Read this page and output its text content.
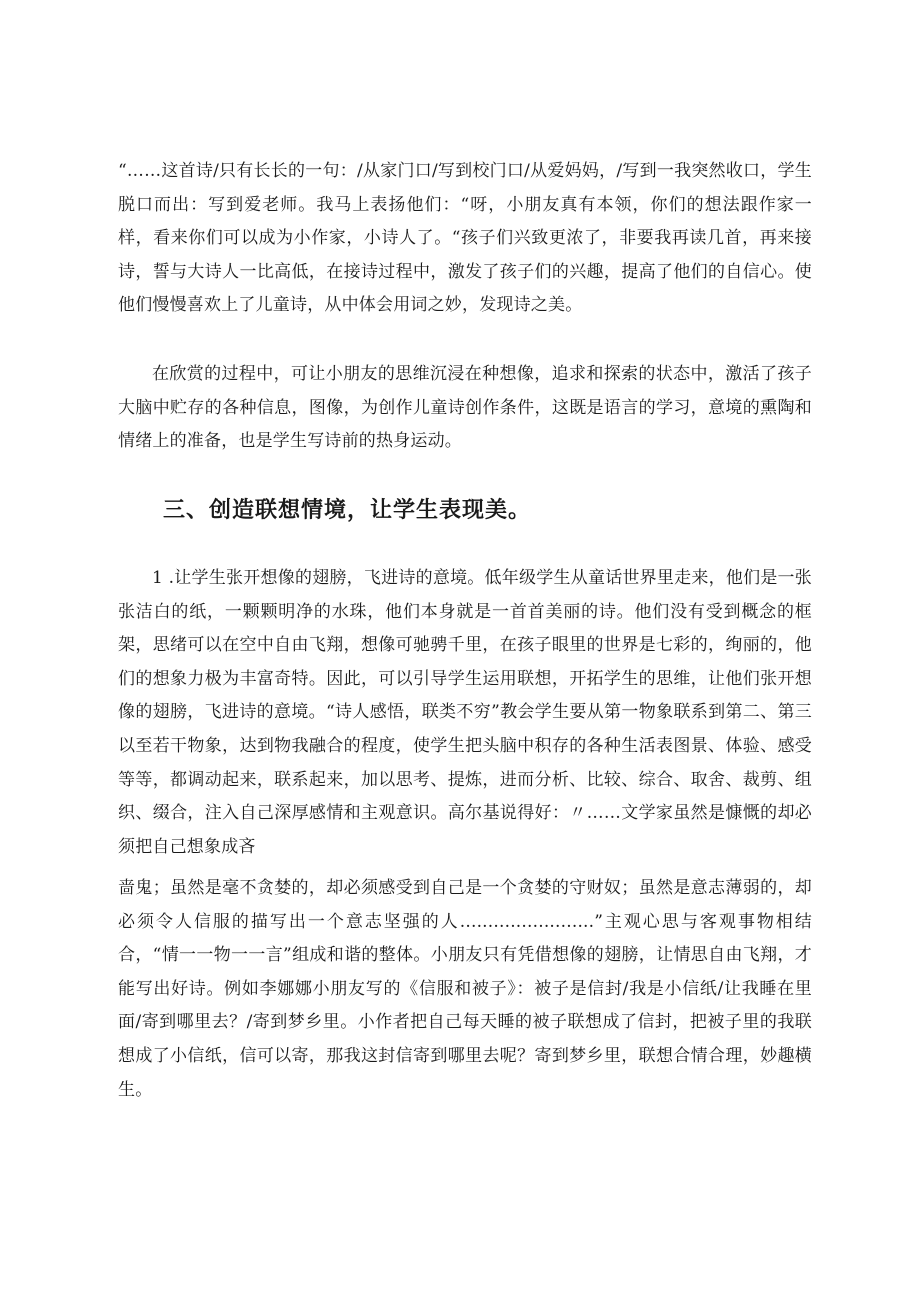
“……这首诗/只有长长的一句：/从家门口/写到校门口/从爱妈妈，/写到一我突然收口，学生脱口而出：写到爱老师。我马上表扬他们：“呀，小朋友真有本领，你们的想法跟作家一样，看来你们可以成为小作家，小诗人了。“孩子们兴致更浓了，非要我再读几首，再来接诗，誓与大诗人一比高低，在接诗过程中，激发了孩子们的兴趣，提高了他们的自信心。使他们慢慢喜欢上了儿童诗，从中体会用词之妙，发现诗之美。

在欣赏的过程中，可让小朋友的思维沉浸在种想像，追求和探索的状态中，激活了孩子大脑中贮存的各种信息，图像，为创作儿童诗创作条件，这既是语言的学习，意境的熏陶和情绪上的准备，也是学生写诗前的热身运动。

三、创造联想情境，让学生表现美。

1 .让学生张开想像的翅膀，飞进诗的意境。低年级学生从童话世界里走来，他们是一张张洁白的纸，一颗颗明净的水珠，他们本身就是一首首美丽的诗。他们没有受到概念的框架，思绪可以在空中自由飞翔，想像可驰骋千里，在孩子眼里的世界是七彩的，绚丽的，他们的想象力极为丰富奇特。因此，可以引导学生运用联想，开拓学生的思维，让他们张开想像的翅膀，飞进诗的意境。“诗人感悟，联类不穷”教会学生要从第一物象联系到第二、第三以至若干物象，达到物我融合的程度，使学生把头脑中积存的各种生活表图景、体验、感受等等，都调动起来，联系起来，加以思考、提炼，进而分析、比较、综合、取舍、裁剪、组织、缀合，注入自己深厚感情和主观意识。高尔基说得好：〃……文学家虽然是慷慨的却必须把自己想象成吝

啬鬼；虽然是毫不贪婪的，却必须感受到自己是一个贪婪的守财奴；虽然是意志薄弱的，却必须令人信服的描写出一个意志坚强的人........................”主观心思与客观事物相结合，“情一一物一一言”组成和谐的整体。小朋友只有凭借想像的翅膀，让情思自由飞翔，才能写出好诗。例如李娜娜小朋友写的《信服和被子》：被子是信封/我是小信纸/让我睡在里面/寄到哪里去？/寄到梦乡里。小作者把自己每天睡的被子联想成了信封，把被子里的我联想成了小信纸，信可以寄，那我这封信寄到哪里去呢？寄到梦乡里，联想合情合理，妙趣横生。
